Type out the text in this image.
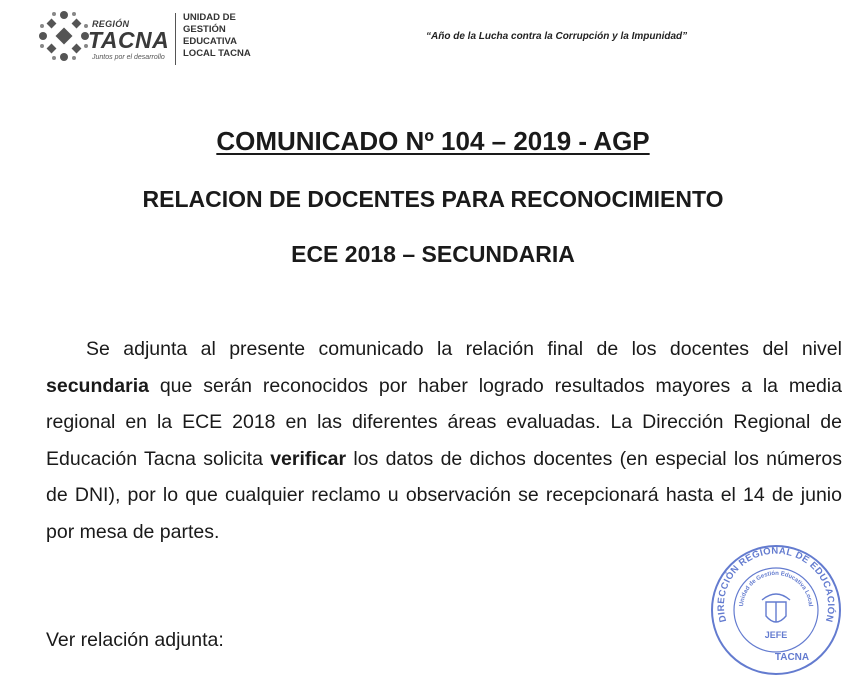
REGIÓN
TACNA
Juntos por el desarrollo
UNIDAD DE
GESTIÓN
EDUCATIVA
LOCAL TACNA
“Año de la Lucha contra la Corrupción y la Impunidad”
COMUNICADO Nº 104 – 2019 - AGP
RELACION DE DOCENTES PARA RECONOCIMIENTO
ECE 2018 – SECUNDARIA
Se adjunta al presente comunicado la relación final de los docentes del nivel secundaria que serán reconocidos por haber logrado resultados mayores a la media regional en la ECE 2018 en las diferentes áreas evaluadas. La Dirección Regional de Educación Tacna solicita verificar los datos de dichos docentes (en especial los números de DNI), por lo que cualquier reclamo u observación se recepcionará hasta el 14 de junio por mesa de partes.
Ver relación adjunta:
DIRECCIÓN REGIONAL DE EDUCACIÓN
Unidad de Gestión Educativa Local
JEFE
TACNA
